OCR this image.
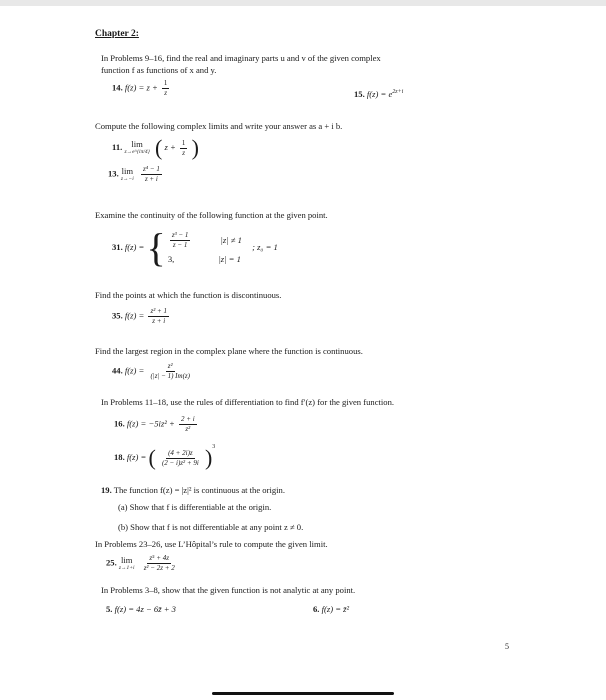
Chapter 2:
In Problems 9–16, find the real and imaginary parts u and v of the given complex
function f as functions of x and y.
14. $f(z) = z + \frac{1}{z}$	15. $f(z) = e^{2z+i}$
Compute the following complex limits and write your answer as a + i b.
11. lim
z→e^{iπ/4} ( $z + \frac{1}{z}$ )
13. lim
z→−i
$\frac{\text{z⁴ − 1}}{z + i}$
Examine the continuity of the following function at the given point.
31. f(z) = { $\frac{\text{z³ − 1}}{z - 1}$	|z| ≠ 1
3,	|z| = 1
; z₀ = 1
Find the points at which the function is discontinuous.
35. $f(z) = \frac{\text{z² + 1}}{z + i}$
Find the largest region in the complex plane where the function is continuous.
44. $f(z) = \frac{\text{z²}}{(|z| - 1) Im(z)}$
In Problems 11–18, use the rules of differentiation to find f′(z) for the given function.
16. $f(z) = -5iz^2 + \frac{2 + i}{\text{z²}}$
18. f(z) = ( $\frac{(4 + 2i)z}{\text{(2 − i)z² + 9i}} )^3$
19. The function f(z) = |z|² is continuous at the origin.
(a) Show that f is differentiable at the origin.
(b) Show that f is not differentiable at any point z ≠ 0.
In Problems 23–26, use L’Hôpital’s rule to compute the given limit.
25. lim
z→1+i
$\frac{\text{z⁵ + 4z}}{\text{z² − 2z + 2}}$
In Problems 3–8, show that the given function is not analytic at any point.
5. f(z) = 4z − 6z̄ + 3	6. f(z) = z̄²
5
